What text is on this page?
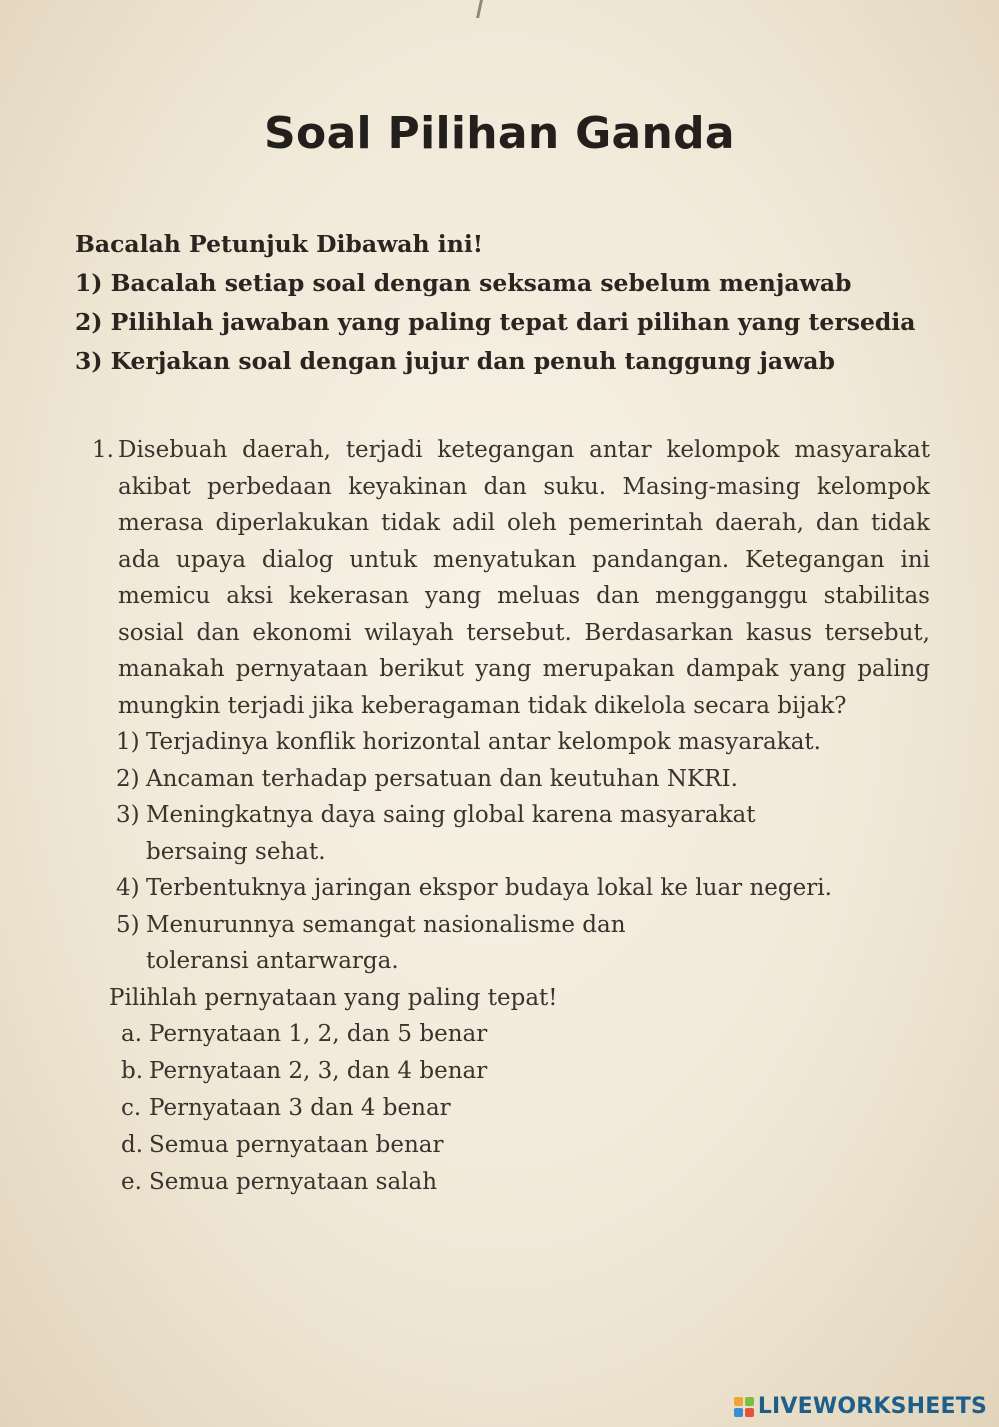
Soal Pilihan Ganda
Bacalah Petunjuk Dibawah ini!
1) Bacalah setiap soal dengan seksama sebelum menjawab
2) Pilihlah jawaban yang paling tepat dari pilihan yang tersedia
3) Kerjakan soal dengan jujur dan penuh tanggung jawab
1. Disebuah daerah, terjadi ketegangan antar kelompok masyarakat akibat perbedaan keyakinan dan suku. Masing-masing kelompok merasa diperlakukan tidak adil oleh pemerintah daerah, dan tidak ada upaya dialog untuk menyatukan pandangan. Ketegangan ini memicu aksi kekerasan yang meluas dan mengganggu stabilitas sosial dan ekonomi wilayah tersebut. Berdasarkan kasus tersebut, manakah pernyataan berikut yang merupakan dampak yang paling mungkin terjadi jika keberagaman tidak dikelola secara bijak?
1) Terjadinya konflik horizontal antar kelompok masyarakat.
2) Ancaman terhadap persatuan dan keutuhan NKRI.
3) Meningkatnya daya saing global karena masyarakat bersaing sehat.
4) Terbentuknya jaringan ekspor budaya lokal ke luar negeri.
5) Menurunnya semangat nasionalisme dan toleransi antarwarga.
Pilihlah pernyataan yang paling tepat!
a. Pernyataan 1, 2, dan 5 benar
b. Pernyataan 2, 3, dan 4 benar
c. Pernyataan 3 dan 4 benar
d. Semua pernyataan benar
e. Semua pernyataan salah
LIVEWORKSHEETS
